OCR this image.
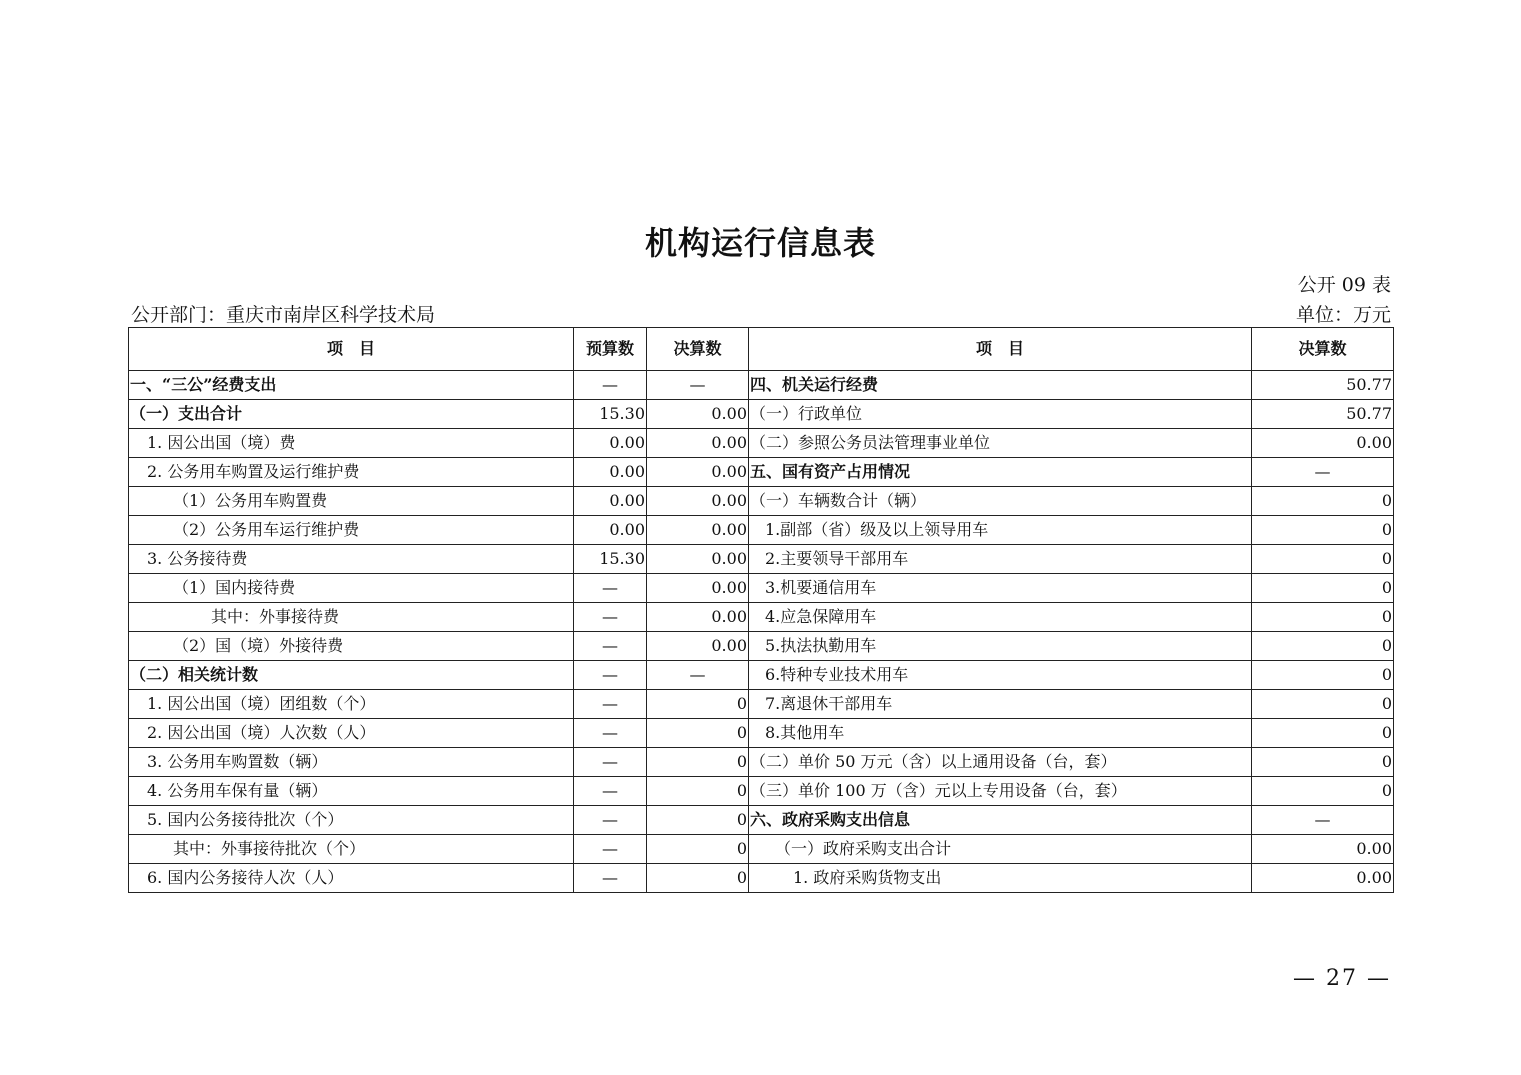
机构运行信息表
公开 09 表
公开部门：重庆市南岸区科学技术局	单位：万元
项　目	预算数	决算数	项　目	决算数
一、“三公”经费支出	—	—	四、机关运行经费	50.77
（一）支出合计	15.30	0.00	（一）行政单位	50.77
1. 因公出国（境）费	0.00	0.00	（二）参照公务员法管理事业单位	0.00
2. 公务用车购置及运行维护费	0.00	0.00	五、国有资产占用情况	—
（1）公务用车购置费	0.00	0.00	（一）车辆数合计（辆）	0
（2）公务用车运行维护费	0.00	0.00	1.副部（省）级及以上领导用车	0
3. 公务接待费	15.30	0.00	2.主要领导干部用车	0
（1）国内接待费	—	0.00	3.机要通信用车	0
其中：外事接待费	—	0.00	4.应急保障用车	0
（2）国（境）外接待费	—	0.00	5.执法执勤用车	0
（二）相关统计数	—	—	6.特种专业技术用车	0
1. 因公出国（境）团组数（个）	—	0	7.离退休干部用车	0
2. 因公出国（境）人次数（人）	—	0	8.其他用车	0
3. 公务用车购置数（辆）	—	0	（二）单价 50 万元（含）以上通用设备（台，套）	0
4. 公务用车保有量（辆）	—	0	（三）单价 100 万（含）元以上专用设备（台，套）	0
5. 国内公务接待批次（个）	—	0	六、政府采购支出信息	—
其中：外事接待批次（个）	—	0	（一）政府采购支出合计	0.00
6. 国内公务接待人次（人）	—	0	1. 政府采购货物支出	0.00
— 27 —
